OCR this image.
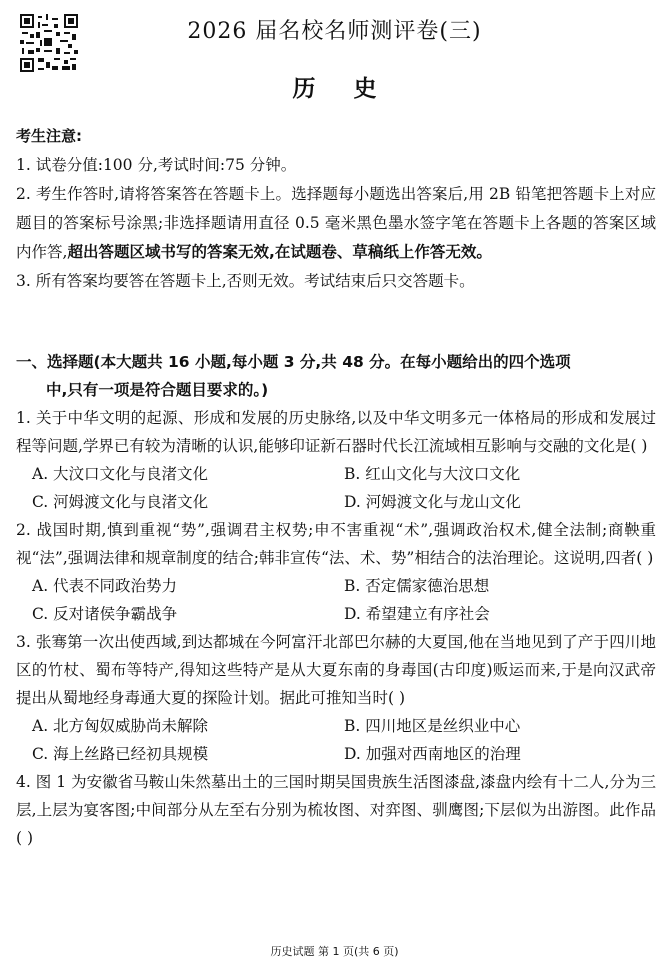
2026 届名校名师测评卷(三)
历史
考生注意:
1. 试卷分值:100 分,考试时间:75 分钟。
2. 考生作答时,请将答案答在答题卡上。选择题每小题选出答案后,用 2B 铅笔把答题卡上对应题目的答案标号涂黑;非选择题请用直径 0.5 毫米黑色墨水签字笔在答题卡上各题的答案区域内作答,超出答题区域书写的答案无效,在试题卷、草稿纸上作答无效。
3. 所有答案均要答在答题卡上,否则无效。考试结束后只交答题卡。
一、选择题(本大题共 16 小题,每小题 3 分,共 48 分。在每小题给出的四个选项
中,只有一项是符合题目要求的。)
1. 关于中华文明的起源、形成和发展的历史脉络,以及中华文明多元一体格局的形成和发展过程等问题,学界已有较为清晰的认识,能够印证新石器时代长江流域相互影响与交融的文化是( )
A. 大汶口文化与良渚文化	B. 红山文化与大汶口文化
C. 河姆渡文化与良渚文化	D. 河姆渡文化与龙山文化
2. 战国时期,慎到重视“势”,强调君主权势;申不害重视“术”,强调政治权术,健全法制;商鞅重视“法”,强调法律和规章制度的结合;韩非宣传“法、术、势”相结合的法治理论。这说明,四者( )
A. 代表不同政治势力	B. 否定儒家德治思想
C. 反对诸侯争霸战争	D. 希望建立有序社会
3. 张骞第一次出使西域,到达都城在今阿富汗北部巴尔赫的大夏国,他在当地见到了产于四川地区的竹杖、蜀布等特产,得知这些特产是从大夏东南的身毒国(古印度)贩运而来,于是向汉武帝提出从蜀地经身毒通大夏的探险计划。据此可推知当时( )
A. 北方匈奴威胁尚未解除	B. 四川地区是丝织业中心
C. 海上丝路已经初具规模	D. 加强对西南地区的治理
4. 图 1 为安徽省马鞍山朱然墓出土的三国时期吴国贵族生活图漆盘,漆盘内绘有十二人,分为三层,上层为宴客图;中间部分从左至右分别为梳妆图、对弈图、驯鹰图;下层似为出游图。此作品( )
历史试题 第 1 页(共 6 页)
